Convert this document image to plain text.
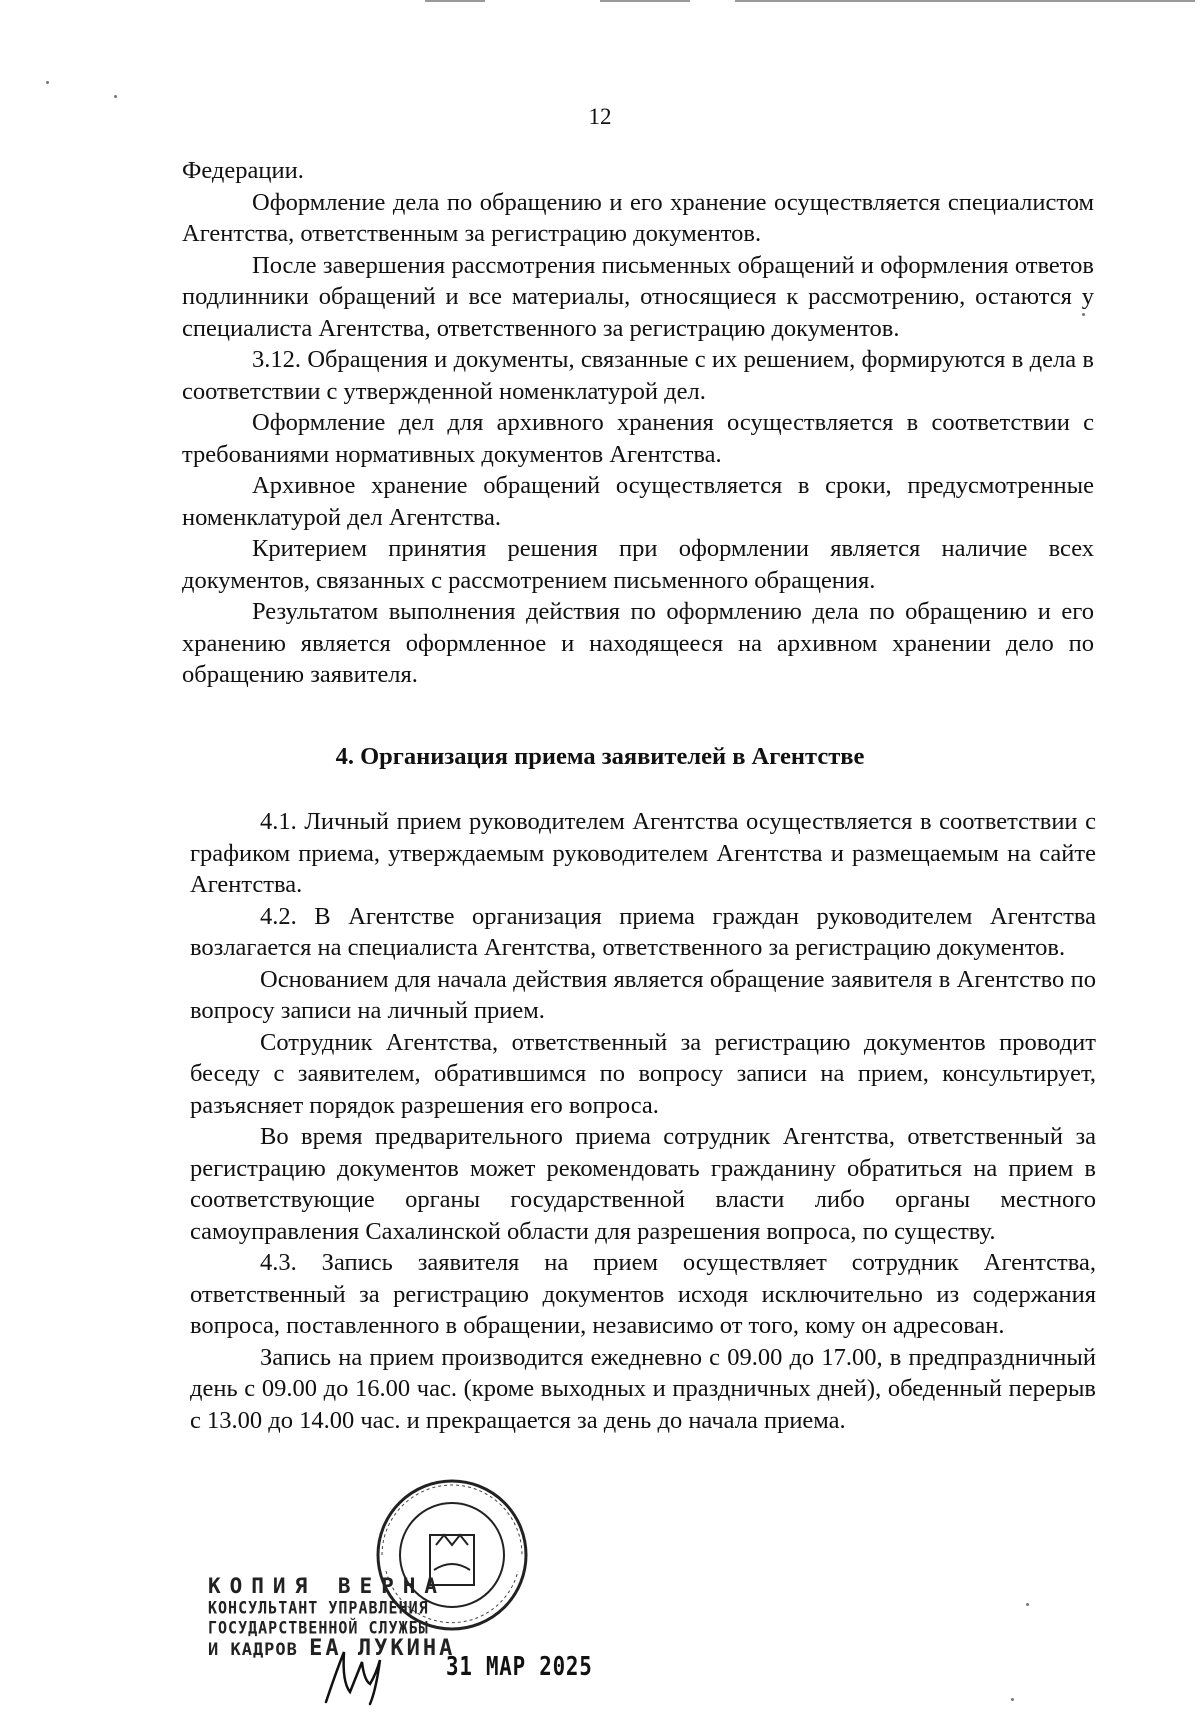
12

Федерации.

Оформление дела по обращению и его хранение осуществляется специалистом Агентства, ответственным за регистрацию документов.

После завершения рассмотрения письменных обращений и оформления ответов подлинники обращений и все материалы, относящиеся к рассмотрению, остаются у специалиста Агентства, ответственного за регистрацию документов.

3.12. Обращения и документы, связанные с их решением, формируются в дела в соответствии с утвержденной номенклатурой дел.

Оформление дел для архивного хранения осуществляется в соответствии с требованиями нормативных документов Агентства.

Архивное хранение обращений осуществляется в сроки, предусмотренные номенклатурой дел Агентства.

Критерием принятия решения при оформлении является наличие всех документов, связанных с рассмотрением письменного обращения.

Результатом выполнения действия по оформлению дела по обращению и его хранению является оформленное и находящееся на архивном хранении дело по обращению заявителя.

4. Организация приема заявителей в Агентстве

4.1. Личный прием руководителем Агентства осуществляется в соответствии с графиком приема, утверждаемым руководителем Агентства и размещаемым на сайте Агентства.

4.2. В Агентстве организация приема граждан руководителем Агентства возлагается на специалиста Агентства, ответственного за регистрацию документов.

Основанием для начала действия является обращение заявителя в Агентство по вопросу записи на личный прием.

Сотрудник Агентства, ответственный за регистрацию документов проводит беседу с заявителем, обратившимся по вопросу записи на прием, консультирует, разъясняет порядок разрешения его вопроса.

Во время предварительного приема сотрудник Агентства, ответственный за регистрацию документов может рекомендовать гражданину обратиться на прием в соответствующие органы государственной власти либо органы местного самоуправления Сахалинской области для разрешения вопроса, по существу.

4.3. Запись заявителя на прием осуществляет сотрудник Агентства, ответственный за регистрацию документов исходя исключительно из содержания вопроса, поставленного в обращении, независимо от того, кому он адресован.

Запись на прием производится ежедневно с 09.00 до 17.00, в предпраздничный день с 09.00 до 16.00 час. (кроме выходных и праздничных дней), обеденный перерыв с 13.00 до 14.00 час. и прекращается за день до начала приема.

КОПИЯ ВЕРНА
КОНСУЛЬТАНТ УПРАВЛЕНИЯ
ГОСУДАРСТВЕННОЙ СЛУЖБЫ
И КАДРОВ ЕА ЛУКИНА
31 МАР 2025
